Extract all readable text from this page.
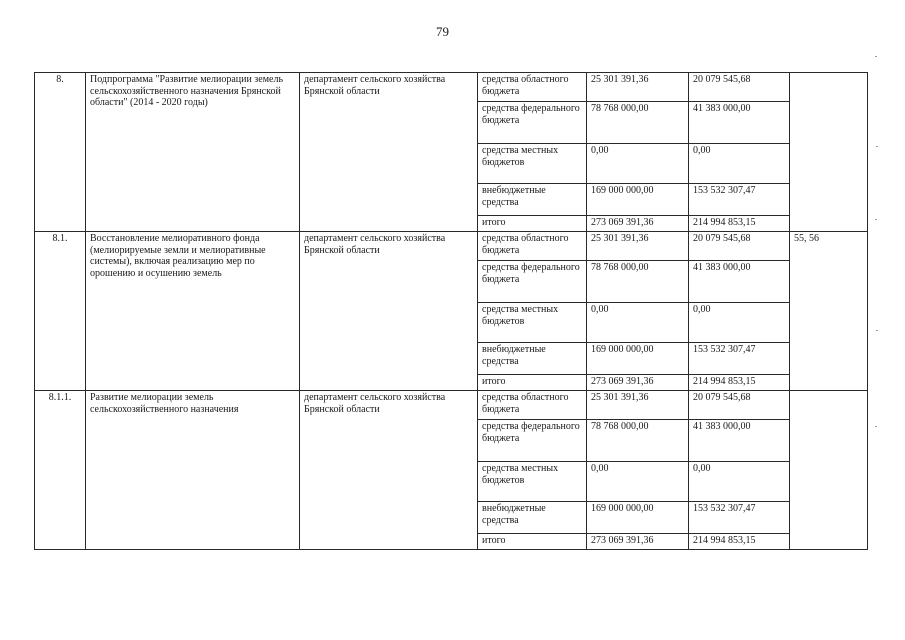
79
8.	Подпрограмма "Развитие мелиорации земель сельскохозяйственного назначения Брянской области" (2014 - 2020 годы)	департамент сельского хозяйства Брянской области	средства областного бюджета	25 301 391,36	20 079 545,68	
			средства федерального бюджета	78 768 000,00	41 383 000,00	
			средства местных бюджетов	0,00	0,00	
			внебюджетные средства	169 000 000,00	153 532 307,47	
			итого	273 069 391,36	214 994 853,15	
8.1.	Восстановление мелиоративного фонда (мелиорируемые земли и мелиоративные системы), включая реализацию мер по орошению и осушению земель	департамент сельского хозяйства Брянской области	средства областного бюджета	25 301 391,36	20 079 545,68	55, 56
			средства федерального бюджета	78 768 000,00	41 383 000,00	
			средства местных бюджетов	0,00	0,00	
			внебюджетные средства	169 000 000,00	153 532 307,47	
			итого	273 069 391,36	214 994 853,15	
8.1.1.	Развитие мелиорации земель сельскохозяйственного назначения	департамент сельского хозяйства Брянской области	средства областного бюджета	25 301 391,36	20 079 545,68	
			средства федерального бюджета	78 768 000,00	41 383 000,00	
			средства местных бюджетов	0,00	0,00	
			внебюджетные средства	169 000 000,00	153 532 307,47	
			итого	273 069 391,36	214 994 853,15	
